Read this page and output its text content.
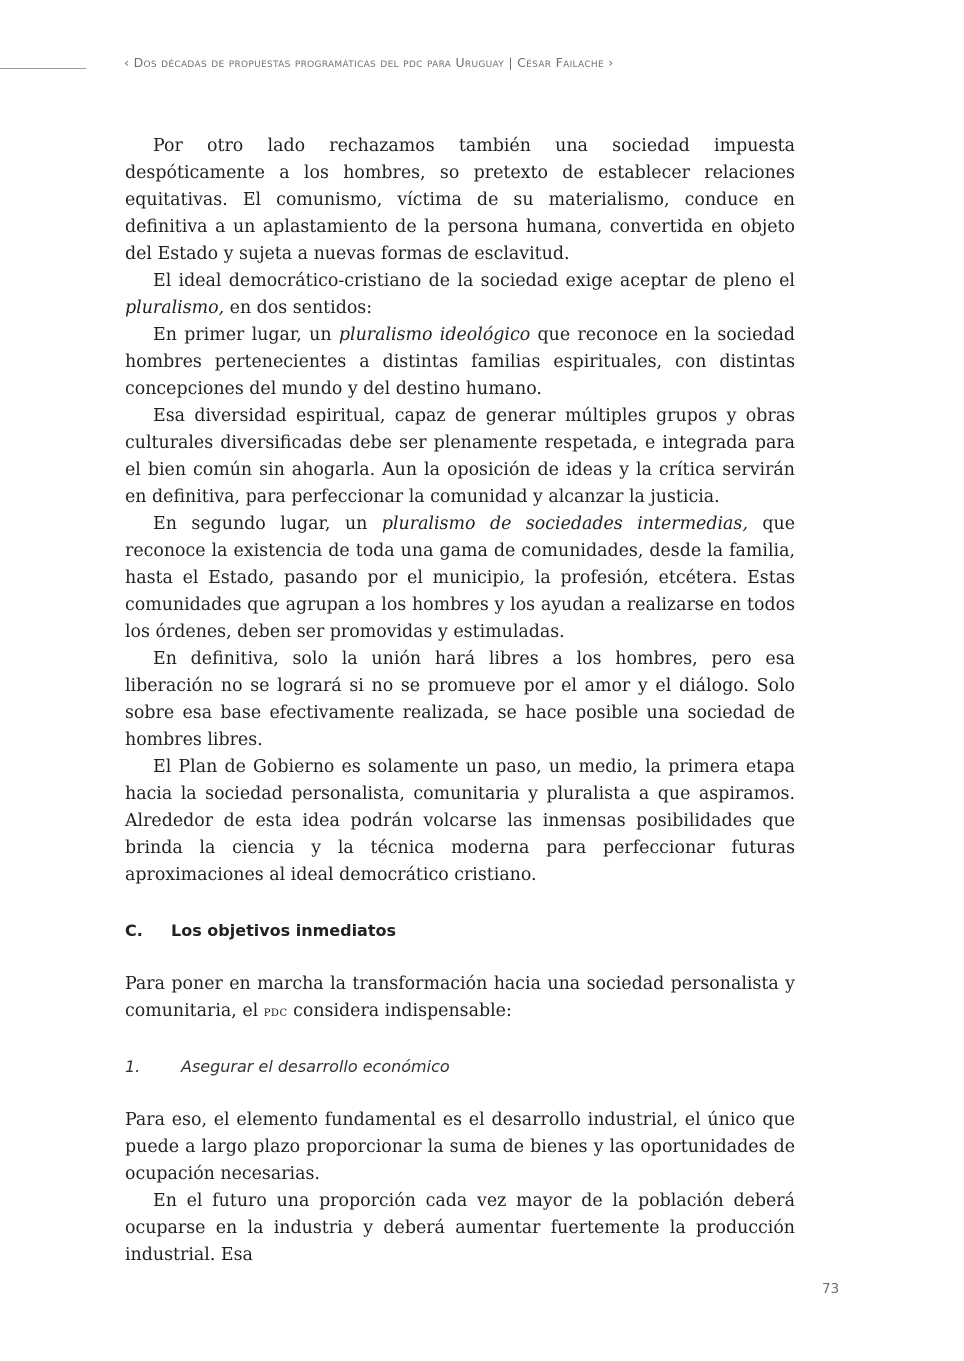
‹ Dos décadas de propuestas programáticas del pdc para Uruguay | César Failache ›

Por otro lado rechazamos también una sociedad impuesta despóticamente a los hombres, so pretexto de establecer relaciones equitativas. El comunismo, víctima de su materialismo, conduce en definitiva a un aplastamiento de la persona humana, convertida en objeto del Estado y sujeta a nuevas formas de esclavitud.

El ideal democrático-cristiano de la sociedad exige aceptar de pleno el pluralismo, en dos sentidos:

En primer lugar, un pluralismo ideológico que reconoce en la sociedad hombres pertenecientes a distintas familias espirituales, con distintas concepciones del mundo y del destino humano.

Esa diversidad espiritual, capaz de generar múltiples grupos y obras culturales diversificadas debe ser plenamente respetada, e integrada para el bien común sin ahogarla. Aun la oposición de ideas y la crítica servirán en definitiva, para perfeccionar la comunidad y alcanzar la justicia.

En segundo lugar, un pluralismo de sociedades intermedias, que reconoce la existencia de toda una gama de comunidades, desde la familia, hasta el Estado, pasando por el municipio, la profesión, etcétera. Estas comunidades que agrupan a los hombres y los ayudan a realizarse en todos los órdenes, deben ser promovidas y estimuladas.

En definitiva, solo la unión hará libres a los hombres, pero esa liberación no se logrará si no se promueve por el amor y el diálogo. Solo sobre esa base efectivamente realizada, se hace posible una sociedad de hombres libres.

El Plan de Gobierno es solamente un paso, un medio, la primera etapa hacia la sociedad personalista, comunitaria y pluralista a que aspiramos. Alrededor de esta idea podrán volcarse las inmensas posibilidades que brinda la ciencia y la técnica moderna para perfeccionar futuras aproximaciones al ideal democrático cristiano.

C.	Los objetivos inmediatos

Para poner en marcha la transformación hacia una sociedad personalista y comunitaria, el pdc considera indispensable:

1.	Asegurar el desarrollo económico

Para eso, el elemento fundamental es el desarrollo industrial, el único que puede a largo plazo proporcionar la suma de bienes y las oportunidades de ocupación necesarias.

En el futuro una proporción cada vez mayor de la población deberá ocuparse en la industria y deberá aumentar fuertemente la producción industrial. Esa

73
